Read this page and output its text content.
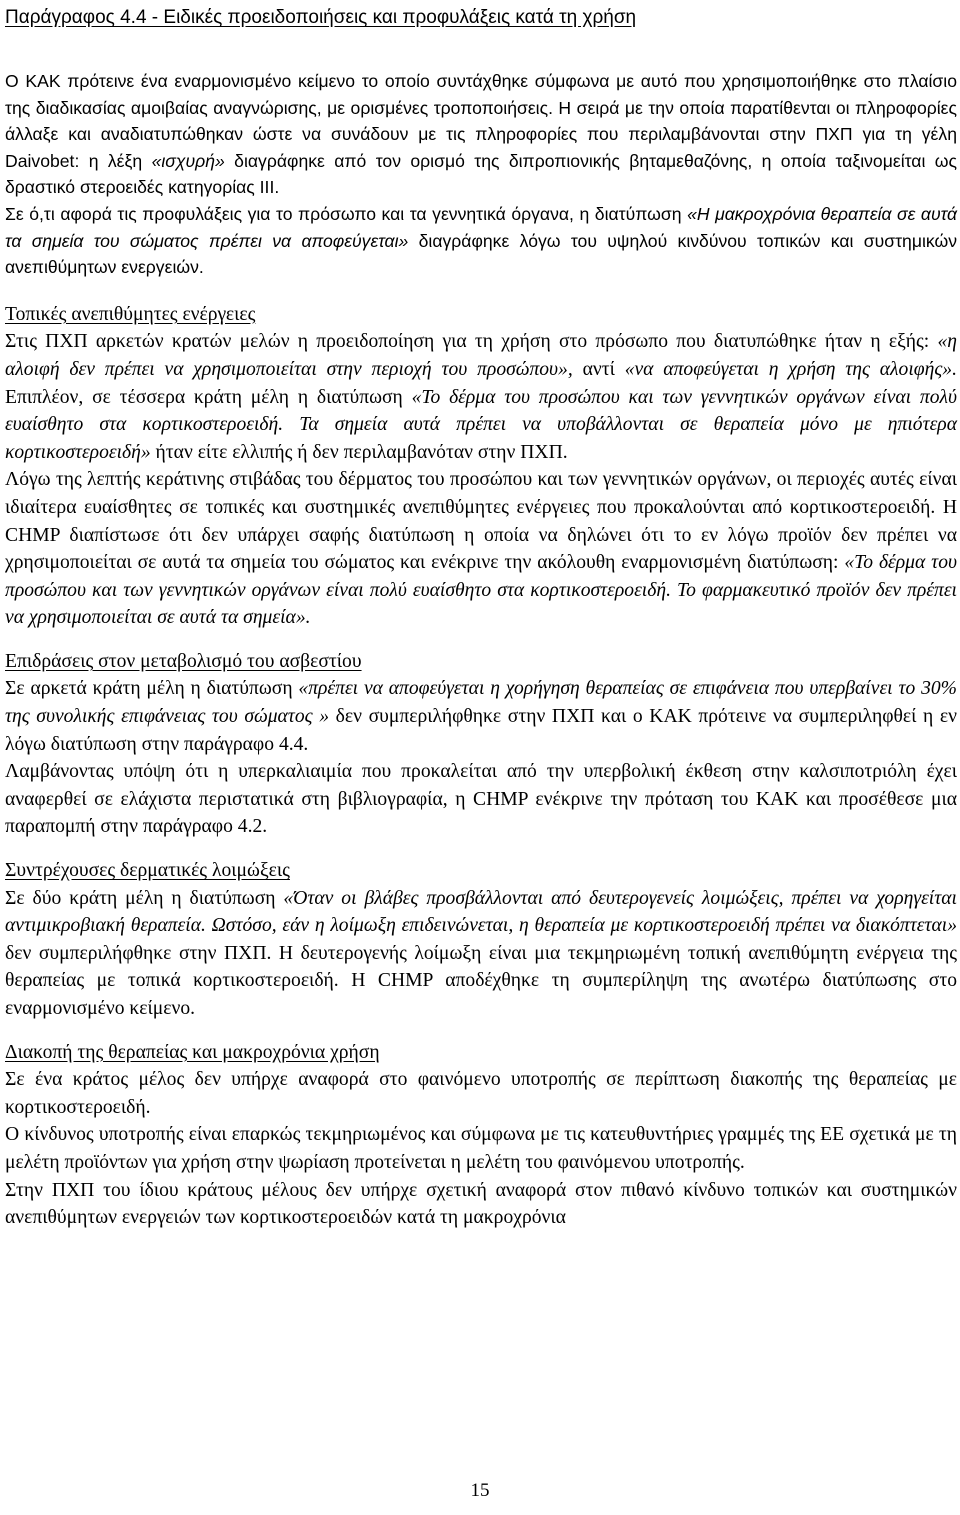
Παράγραφος 4.4 - Ειδικές προειδοποιήσεις και προφυλάξεις κατά τη χρήση

Ο ΚΑΚ πρότεινε ένα εναρμονισμένο κείμενο το οποίο συντάχθηκε σύμφωνα με αυτό που χρησιμοποιήθηκε στο πλαίσιο της διαδικασίας αμοιβαίας αναγνώρισης, με ορισμένες τροποποιήσεις. Η σειρά με την οποία παρατίθενται οι πληροφορίες άλλαξε και αναδιατυπώθηκαν ώστε να συνάδουν με τις πληροφορίες που περιλαμβάνονται στην ΠΧΠ για τη γέλη Daivobet: η λέξη «ισχυρή» διαγράφηκε από τον ορισμό της διπροπιονικής βηταμεθαζόνης, η οποία ταξινομείται ως δραστικό στεροειδές κατηγορίας ΙΙΙ.

Σε ό,τι αφορά τις προφυλάξεις για το πρόσωπο και τα γεννητικά όργανα, η διατύπωση «Η μακροχρόνια θεραπεία σε αυτά τα σημεία του σώματος πρέπει να αποφεύγεται» διαγράφηκε λόγω του υψηλού κινδύνου τοπικών και συστημικών ανεπιθύμητων ενεργειών.

Τοπικές ανεπιθύμητες ενέργειες

Στις ΠΧΠ αρκετών κρατών μελών η προειδοποίηση για τη χρήση στο πρόσωπο που διατυπώθηκε ήταν η εξής: «η αλοιφή δεν πρέπει να χρησιμοποιείται στην περιοχή του προσώπου», αντί «να αποφεύγεται η χρήση της αλοιφής». Επιπλέον, σε τέσσερα κράτη μέλη η διατύπωση «Το δέρμα του προσώπου και των γεννητικών οργάνων είναι πολύ ευαίσθητο στα κορτικοστεροειδή. Τα σημεία αυτά πρέπει να υποβάλλονται σε θεραπεία μόνο με ηπιότερα κορτικοστεροειδή» ήταν είτε ελλιπής ή δεν περιλαμβανόταν στην ΠΧΠ.

Λόγω της λεπτής κεράτινης στιβάδας του δέρματος του προσώπου και των γεννητικών οργάνων, οι περιοχές αυτές είναι ιδιαίτερα ευαίσθητες σε τοπικές και συστημικές ανεπιθύμητες ενέργειες που προκαλούνται από κορτικοστεροειδή. Η CHMP διαπίστωσε ότι δεν υπάρχει σαφής διατύπωση η οποία να δηλώνει ότι το εν λόγω προϊόν δεν πρέπει να χρησιμοποιείται σε αυτά τα σημεία του σώματος και ενέκρινε την ακόλουθη εναρμονισμένη διατύπωση: «Το δέρμα του προσώπου και των γεννητικών οργάνων είναι πολύ ευαίσθητο στα κορτικοστεροειδή. Το φαρμακευτικό προϊόν δεν πρέπει να χρησιμοποιείται σε αυτά τα σημεία».

Επιδράσεις στον μεταβολισμό του ασβεστίου

Σε αρκετά κράτη μέλη η διατύπωση «πρέπει να αποφεύγεται η χορήγηση θεραπείας σε επιφάνεια που υπερβαίνει το 30% της συνολικής επιφάνειας του σώματος » δεν συμπεριλήφθηκε στην ΠΧΠ και ο ΚΑΚ πρότεινε να συμπεριληφθεί η εν λόγω διατύπωση στην παράγραφο 4.4.

Λαμβάνοντας υπόψη ότι η υπερκαλιαιμία που προκαλείται από την υπερβολική έκθεση στην καλσιποτριόλη έχει αναφερθεί σε ελάχιστα περιστατικά στη βιβλιογραφία, η CHMP ενέκρινε την πρόταση του ΚΑΚ και προσέθεσε μια παραπομπή στην παράγραφο 4.2.

Συντρέχουσες δερματικές λοιμώξεις

Σε δύο κράτη μέλη η διατύπωση «Όταν οι βλάβες προσβάλλονται από δευτερογενείς λοιμώξεις, πρέπει να χορηγείται αντιμικροβιακή θεραπεία. Ωστόσο, εάν η λοίμωξη επιδεινώνεται, η θεραπεία με κορτικοστεροειδή πρέπει να διακόπτεται» δεν συμπεριλήφθηκε στην ΠΧΠ. Η δευτερογενής λοίμωξη είναι μια τεκμηριωμένη τοπική ανεπιθύμητη ενέργεια της θεραπείας με τοπικά κορτικοστεροειδή. Η CHMP αποδέχθηκε τη συμπερίληψη της ανωτέρω διατύπωσης στο εναρμονισμένο κείμενο.

Διακοπή της θεραπείας και μακροχρόνια χρήση

Σε ένα κράτος μέλος δεν υπήρχε αναφορά στο φαινόμενο υποτροπής σε περίπτωση διακοπής της θεραπείας με κορτικοστεροειδή.

Ο κίνδυνος υποτροπής είναι επαρκώς τεκμηριωμένος και σύμφωνα με τις κατευθυντήριες γραμμές της ΕΕ σχετικά με τη μελέτη προϊόντων για χρήση στην ψωρίαση προτείνεται η μελέτη του φαινόμενου υποτροπής.

Στην ΠΧΠ του ίδιου κράτους μέλους δεν υπήρχε σχετική αναφορά στον πιθανό κίνδυνο τοπικών και συστημικών ανεπιθύμητων ενεργειών των κορτικοστεροειδών κατά τη μακροχρόνια

15
